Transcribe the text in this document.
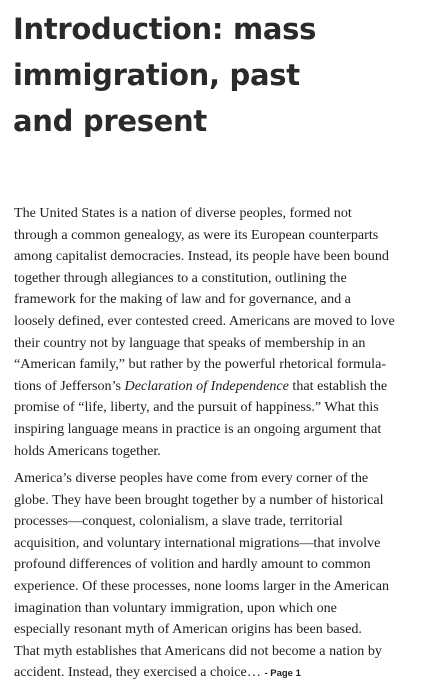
Introduction: mass
immigration, past
and present
The United States is a nation of diverse peoples, formed not
through a common genealogy, as were its European counterparts
among capitalist democracies. Instead, its people have been bound
together through allegiances to a constitution, outlining the
framework for the making of law and for governance, and a
loosely defined, ever contested creed. Americans are moved to love
their country not by language that speaks of membership in an
“American family,” but rather by the powerful rhetorical formula-
tions of Jefferson’s Declaration of Independence that establish the
promise of “life, liberty, and the pursuit of happiness.” What this
inspiring language means in practice is an ongoing argument that
holds Americans together.
America’s diverse peoples have come from every corner of the
globe. They have been brought together by a number of historical
processes—conquest, colonialism, a slave trade, territorial
acquisition, and voluntary international migrations—that involve
profound differences of volition and hardly amount to common
experience. Of these processes, none looms larger in the American
imagination than voluntary immigration, upon which one
especially resonant myth of American origins has been based.
That myth establishes that Americans did not become a nation by
accident. Instead, they exercised a choice… - Page 1
